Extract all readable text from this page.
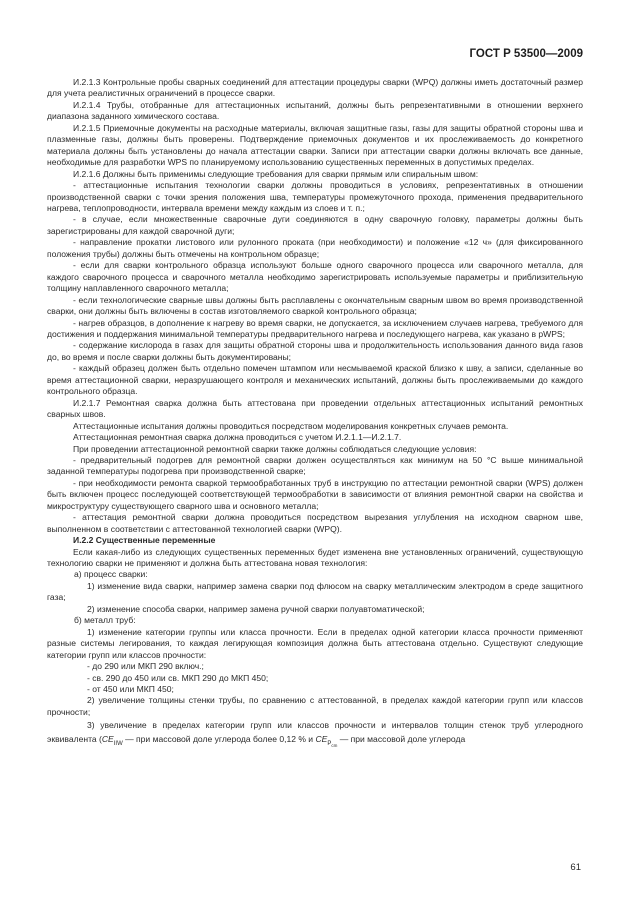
ГОСТ Р 53500—2009

И.2.1.3 Контрольные пробы сварных соединений для аттестации процедуры сварки (WPQ) должны иметь достаточный размер для учета реалистичных ограничений в процессе сварки.

И.2.1.4 Трубы, отобранные для аттестационных испытаний, должны быть репрезентативными в отношении верхнего диапазона заданного химического состава.

И.2.1.5 Приемочные документы на расходные материалы, включая защитные газы, газы для защиты обратной стороны шва и плазменные газы, должны быть проверены. Подтверждение приемочных документов и их прослеживаемость до конкретного материала должны быть установлены до начала аттестации сварки. Записи при аттестации сварки должны включать все данные, необходимые для разработки WPS по планируемому использованию существенных переменных в допустимых пределах.

И.2.1.6 Должны быть применимы следующие требования для сварки прямым или спиральным швом:

- аттестационные испытания технологии сварки должны проводиться в условиях, репрезентативных в отношении производственной сварки с точки зрения положения шва, температуры промежуточного прохода, применения предварительного нагрева, теплопроводности, интервала времени между каждым из слоев и т. п.;

- в случае, если множественные сварочные дуги соединяются в одну сварочную головку, параметры должны быть зарегистрированы для каждой сварочной дуги;

- направление прокатки листового или рулонного проката (при необходимости) и положение «12 ч» (для фиксированного положения трубы) должны быть отмечены на контрольном образце;

- если для сварки контрольного образца используют больше одного сварочного процесса или сварочного металла, для каждого сварочного процесса и сварочного металла необходимо зарегистрировать используемые параметры и приблизительную толщину наплавленного сварочного металла;

- если технологические сварные швы должны быть расплавлены с окончательным сварным швом во время производственной сварки, они должны быть включены в состав изготовляемого сваркой контрольного образца;

- нагрев образцов, в дополнение к нагреву во время сварки, не допускается, за исключением случаев нагрева, требуемого для достижения и поддержания минимальной температуры предварительного нагрева и последующего нагрева, как указано в pWPS;

- содержание кислорода в газах для защиты обратной стороны шва и продолжительность использования данного вида газов до, во время и после сварки должны быть документированы;

- каждый образец должен быть отдельно помечен штампом или несмываемой краской близко к шву, а записи, сделанные во время аттестационной сварки, неразрушающего контроля и механических испытаний, должны быть прослеживаемыми до каждого контрольного образца.

И.2.1.7 Ремонтная сварка должна быть аттестована при проведении отдельных аттестационных испытаний ремонтных сварных швов.

Аттестационные испытания должны проводиться посредством моделирования конкретных случаев ремонта.

Аттестационная ремонтная сварка должна проводиться с учетом И.2.1.1—И.2.1.7.

При проведении аттестационной ремонтной сварки также должны соблюдаться следующие условия:

- предварительный подогрев для ремонтной сварки должен осуществляться как минимум на 50 °С выше минимальной заданной температуры подогрева при производственной сварке;

- при необходимости ремонта сваркой термообработанных труб в инструкцию по аттестации ремонтной сварки (WPS) должен быть включен процесс последующей соответствующей термообработки в зависимости от влияния ремонтной сварки на свойства и микроструктуру существующего сварного шва и основного металла;

- аттестация ремонтной сварки должна проводиться посредством вырезания углубления на исходном сварном шве, выполненном в соответствии с аттестованной технологией сварки (WPQ).

И.2.2 Существенные переменные

Если какая-либо из следующих существенных переменных будет изменена вне установленных ограничений, существующую технологию сварки не применяют и должна быть аттестована новая технология:

а) процесс сварки:

1) изменение вида сварки, например замена сварки под флюсом на сварку металлическим электродом в среде защитного газа;

2) изменение способа сварки, например замена ручной сварки полуавтоматической;

б) металл труб:

1) изменение категории группы или класса прочности. Если в пределах одной категории класса прочности применяют разные системы легирования, то каждая легирующая композиция должна быть аттестована отдельно. Существуют следующие категории групп или классов прочности:

- до 290 или МКП 290 включ.;

- св. 290 до 450 или св. МКП 290 до МКП 450;

- от 450 или МКП 450;

2) увеличение толщины стенки трубы, по сравнению с аттестованной, в пределах каждой категории групп или классов прочности;

3) увеличение в пределах категории групп или классов прочности и интервалов толщин стенок труб углеродного эквивалента ($CE_{IIW}$ — при массовой доле углерода более 0,12 % и $CE_{P_{cm}}$ — при массовой доле углерода

61
